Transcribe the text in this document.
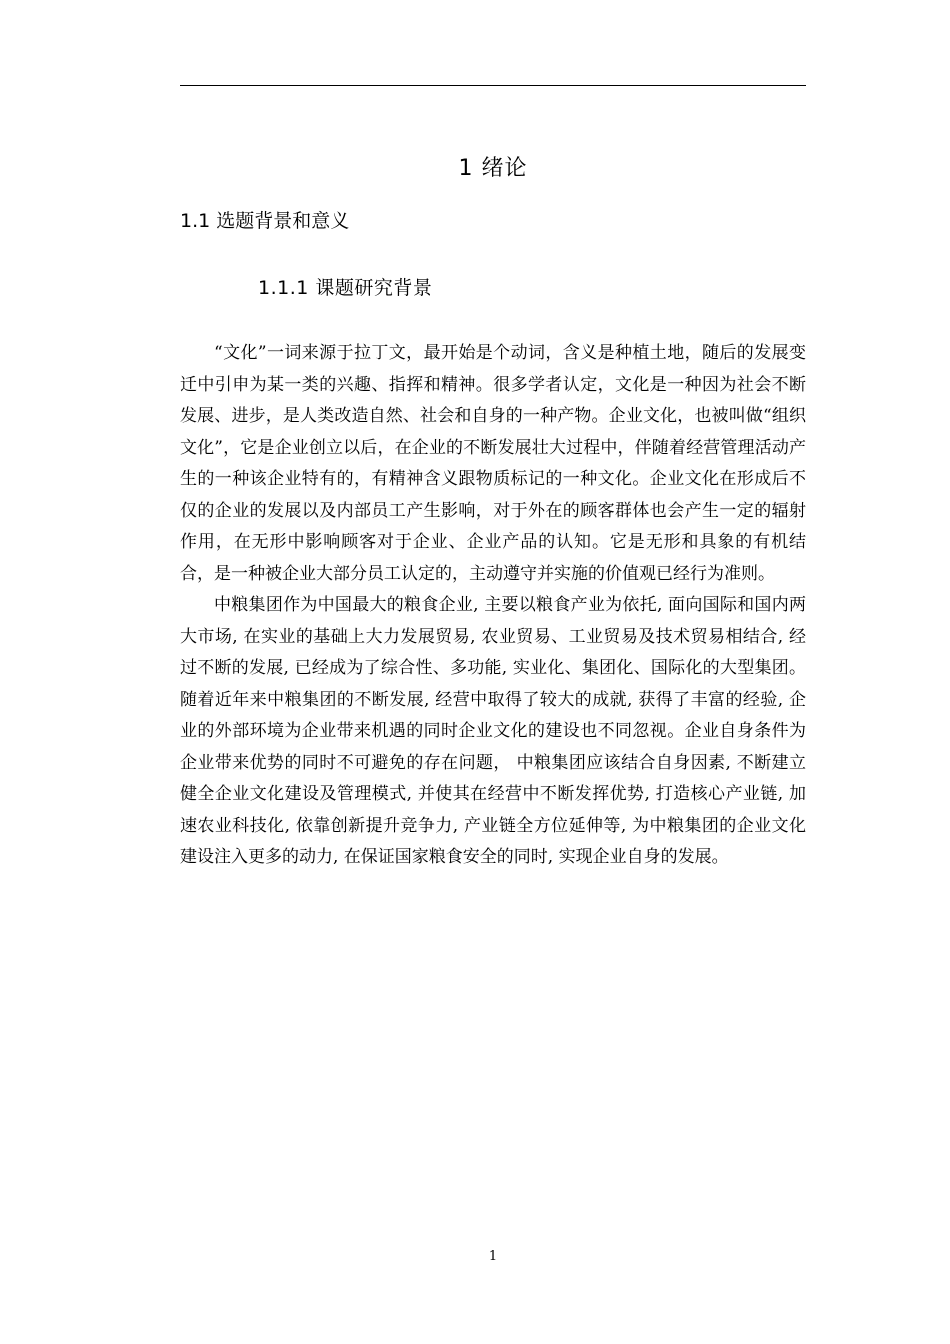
1 绪论
1.1 选题背景和意义
1.1.1 课题研究背景

“文化”一词来源于拉丁文，最开始是个动词，含义是种植土地，随后的发展变迁中引申为某一类的兴趣、指挥和精神。很多学者认定，文化是一种因为社会不断发展、进步，是人类改造自然、社会和自身的一种产物。企业文化，也被叫做“组织文化”，它是企业创立以后，在企业的不断发展壮大过程中，伴随着经营管理活动产生的一种该企业特有的，有精神含义跟物质标记的一种文化。企业文化在形成后不仅的企业的发展以及内部员工产生影响，对于外在的顾客群体也会产生一定的辐射作用，在无形中影响顾客对于企业、企业产品的认知。它是无形和具象的有机结合，是一种被企业大部分员工认定的，主动遵守并实施的价值观已经行为准则。

中粮集团作为中国最大的粮食企业, 主要以粮食产业为依托, 面向国际和国内两大市场, 在实业的基础上大力发展贸易, 农业贸易、工业贸易及技术贸易相结合, 经过不断的发展, 已经成为了综合性、多功能, 实业化、集团化、国际化的大型集团。随着近年来中粮集团的不断发展, 经营中取得了较大的成就, 获得了丰富的经验, 企业的外部环境为企业带来机遇的同时企业文化的建设也不同忽视。企业自身条件为企业带来优势的同时不可避免的存在问题， 中粮集团应该结合自身因素, 不断建立健全企业文化建设及管理模式, 并使其在经营中不断发挥优势, 打造核心产业链, 加速农业科技化, 依靠创新提升竞争力, 产业链全方位延伸等, 为中粮集团的企业文化建设注入更多的动力, 在保证国家粮食安全的同时, 实现企业自身的发展。

1
